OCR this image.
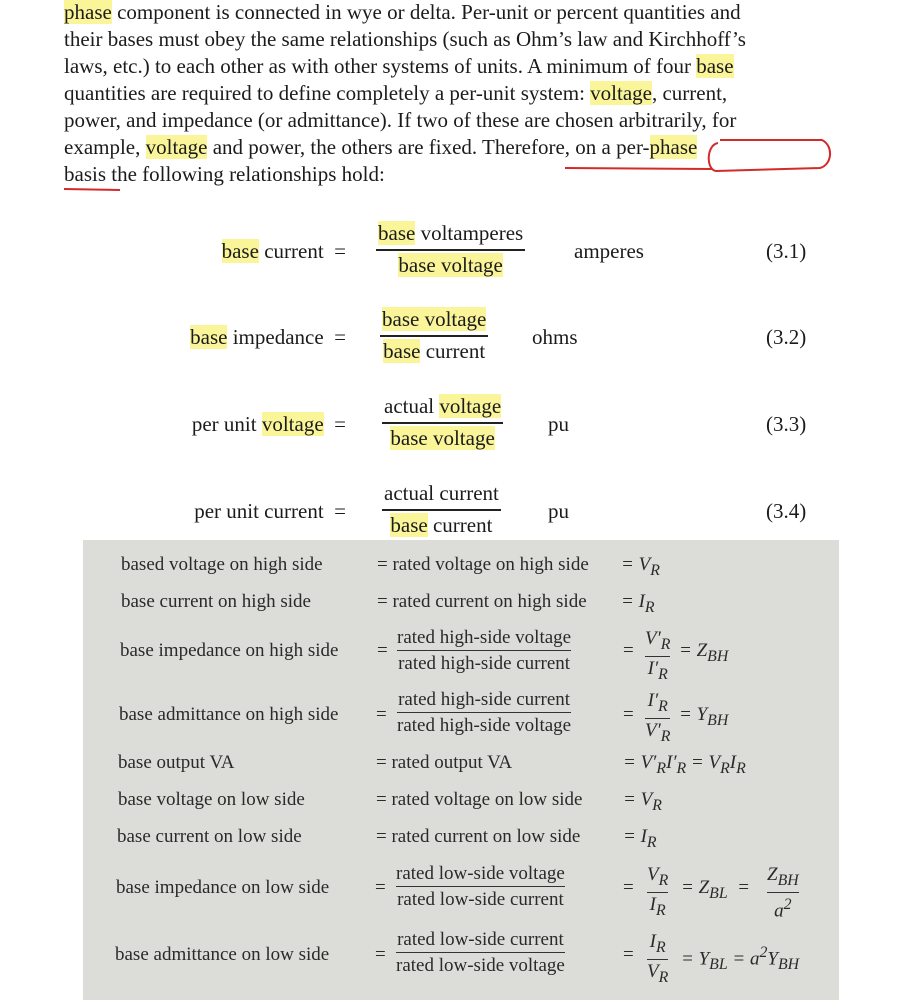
phase component is connected in wye or delta. Per-unit or percent quantities and
their bases must obey the same relationships (such as Ohm’s law and Kirchhoff’s
laws, etc.) to each other as with other systems of units. A minimum of four base
quantities are required to define completely a per-unit system: voltage, current,
power, and impedance (or admittance). If two of these are chosen arbitrarily, for
example, voltage and power, the others are fixed. Therefore, on a per-phase
basis the following relationships hold:
base current  =
base voltamperes
base voltage
amperes	(3.1)
base impedance  =
base voltage
base current
ohms	(3.2)
per unit voltage  =
actual voltage
base voltage
pu	(3.3)
per unit current  =
actual current
base current
pu	(3.4)
based voltage on high side	= rated voltage on high side = $V_R$
base current on high side	= rated current on high side = $I_R$
base impedance on high side =
rated high-side voltage
rated high-side current
=
$V'_R$
$I'_R$
= $Z_{BH}$
base admittance on high side =
rated high-side current
rated high-side voltage
=
$I'_R$
$V'_R$
= $Y_{BH}$
base output VA	= rated output VA	= $V'_RI'_R = V_RI_R$
base voltage on low side	= rated voltage on low side = $V_R$
base current on low side	= rated current on low side = $I_R$
base impedance on low side =
rated low-side voltage
rated low-side current
=
$V_R$
$I_R$
= $Z_{BL}$  =
$Z_{BH}$
$a^2$
base admittance on low side =
rated low-side current
rated low-side voltage
=
$I_R$
$V_R$
= $Y_{BL} = a^2Y_{BH}$
